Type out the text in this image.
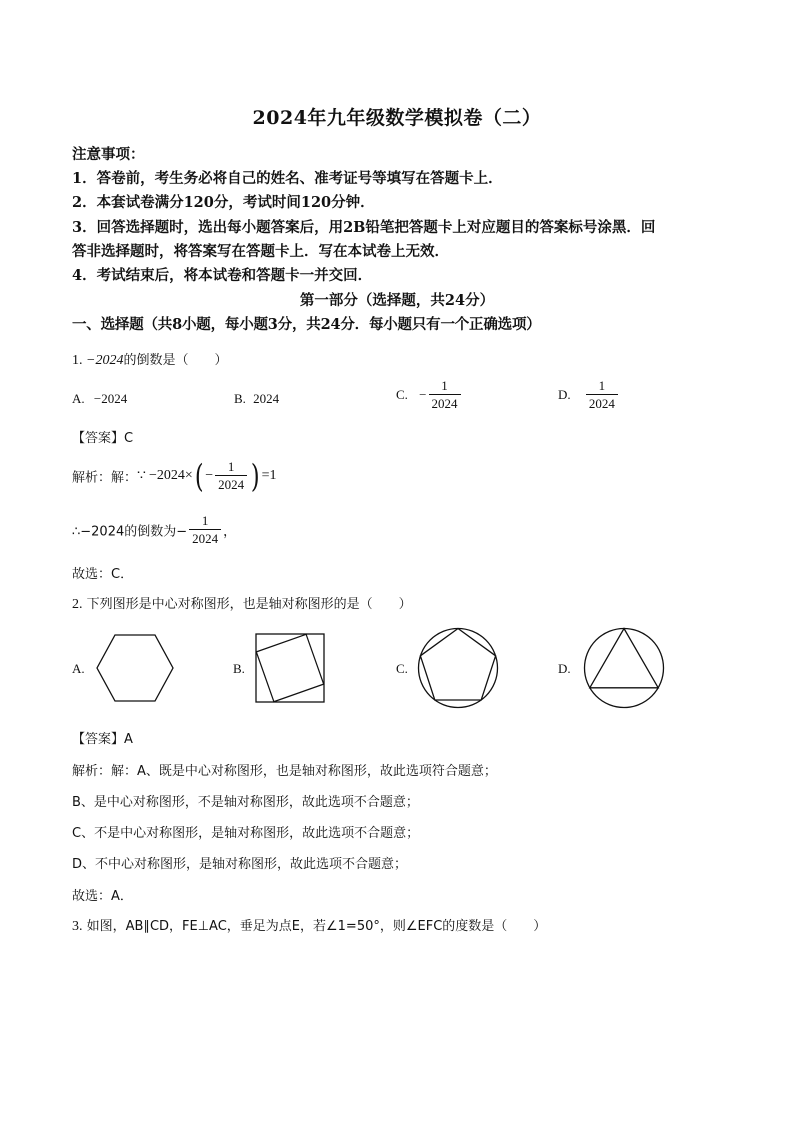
2024年九年级数学模拟卷（二）
注意事项：
1．答卷前，考生务必将自己的姓名、准考证号等填写在答题卡上．
2．本套试卷满分120分，考试时间120分钟．
3．回答选择题时，选出每小题答案后，用2B铅笔把答题卡上对应题目的答案标号涂黑．回
答非选择题时，将答案写在答题卡上．写在本试卷上无效．
4．考试结束后，将本试卷和答题卡一并交回．
第一部分（选择题，共24分）
一、选择题（共8小题，每小题3分，共24分．每小题只有一个正确选项）
1. −2024的倒数是（　　）
A. −2024	B. 2024	C. − $\frac{1}{2024}$	D. $\frac{1}{2024}$
【答案】C
解析：解：∵ $-2024\times( - \frac{1}{2024}$ ) =1
∴−2024的倒数为− $\frac{1}{2024}$ ，
故选：C．
2. 下列图形是中心对称图形，也是轴对称图形的是（　　）
A.	B.	C.	D.
【答案】A
解析：解：A、既是中心对称图形，也是轴对称图形，故此选项符合题意；
B、是中心对称图形，不是轴对称图形，故此选项不合题意；
C、不是中心对称图形，是轴对称图形，故此选项不合题意；
D、不中心对称图形，是轴对称图形，故此选项不合题意；
故选：A．
3. 如图，AB∥CD，FE⊥AC，垂足为点E，若∠1=50°，则∠EFC的度数是（　　）
